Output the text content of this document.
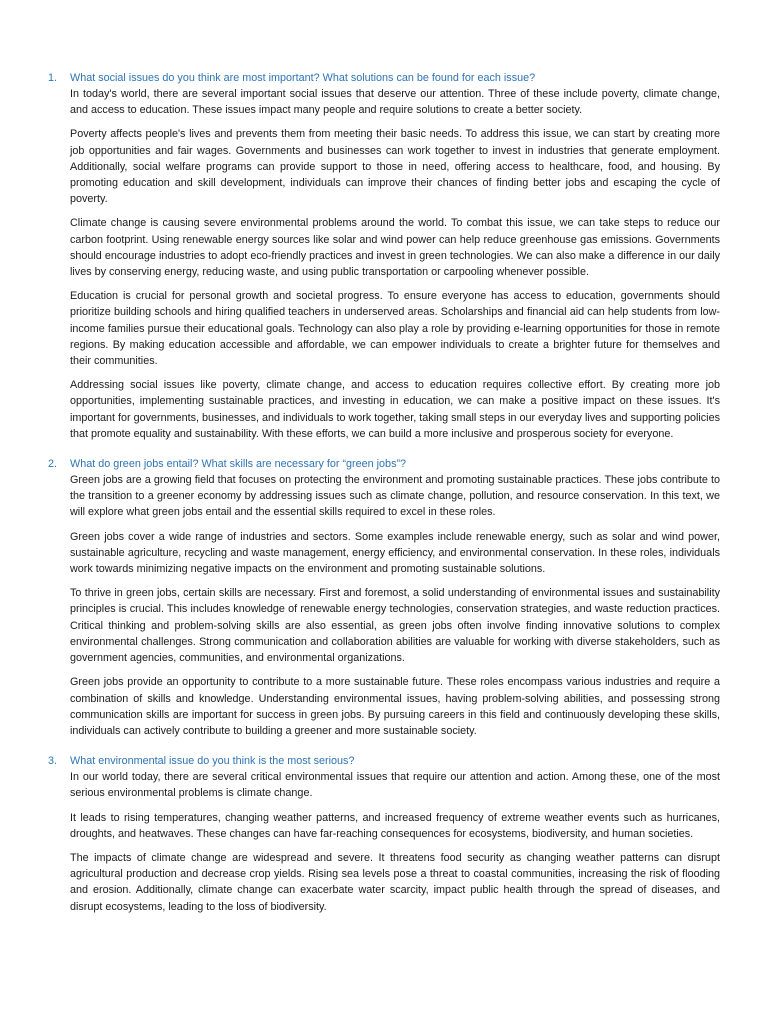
1.	What social issues do you think are most important? What solutions can be found for each issue?

In today's world, there are several important social issues that deserve our attention. Three of these include poverty, climate change, and access to education. These issues impact many people and require solutions to create a better society.

Poverty affects people's lives and prevents them from meeting their basic needs. To address this issue, we can start by creating more job opportunities and fair wages. Governments and businesses can work together to invest in industries that generate employment. Additionally, social welfare programs can provide support to those in need, offering access to healthcare, food, and housing. By promoting education and skill development, individuals can improve their chances of finding better jobs and escaping the cycle of poverty.

Climate change is causing severe environmental problems around the world. To combat this issue, we can take steps to reduce our carbon footprint. Using renewable energy sources like solar and wind power can help reduce greenhouse gas emissions. Governments should encourage industries to adopt eco-friendly practices and invest in green technologies. We can also make a difference in our daily lives by conserving energy, reducing waste, and using public transportation or carpooling whenever possible.

Education is crucial for personal growth and societal progress. To ensure everyone has access to education, governments should prioritize building schools and hiring qualified teachers in underserved areas. Scholarships and financial aid can help students from low-income families pursue their educational goals. Technology can also play a role by providing e-learning opportunities for those in remote regions. By making education accessible and affordable, we can empower individuals to create a brighter future for themselves and their communities.

Addressing social issues like poverty, climate change, and access to education requires collective effort. By creating more job opportunities, implementing sustainable practices, and investing in education, we can make a positive impact on these issues. It's important for governments, businesses, and individuals to work together, taking small steps in our everyday lives and supporting policies that promote equality and sustainability. With these efforts, we can build a more inclusive and prosperous society for everyone.

2.	What do green jobs entail? What skills are necessary for “green jobs”?

Green jobs are a growing field that focuses on protecting the environment and promoting sustainable practices. These jobs contribute to the transition to a greener economy by addressing issues such as climate change, pollution, and resource conservation. In this text, we will explore what green jobs entail and the essential skills required to excel in these roles.

Green jobs cover a wide range of industries and sectors. Some examples include renewable energy, such as solar and wind power, sustainable agriculture, recycling and waste management, energy efficiency, and environmental conservation. In these roles, individuals work towards minimizing negative impacts on the environment and promoting sustainable solutions.

To thrive in green jobs, certain skills are necessary. First and foremost, a solid understanding of environmental issues and sustainability principles is crucial. This includes knowledge of renewable energy technologies, conservation strategies, and waste reduction practices. Critical thinking and problem-solving skills are also essential, as green jobs often involve finding innovative solutions to complex environmental challenges. Strong communication and collaboration abilities are valuable for working with diverse stakeholders, such as government agencies, communities, and environmental organizations.

Green jobs provide an opportunity to contribute to a more sustainable future. These roles encompass various industries and require a combination of skills and knowledge. Understanding environmental issues, having problem-solving abilities, and possessing strong communication skills are important for success in green jobs. By pursuing careers in this field and continuously developing these skills, individuals can actively contribute to building a greener and more sustainable society.

3.	What environmental issue do you think is the most serious?

In our world today, there are several critical environmental issues that require our attention and action. Among these, one of the most serious environmental problems is climate change.

It leads to rising temperatures, changing weather patterns, and increased frequency of extreme weather events such as hurricanes, droughts, and heatwaves. These changes can have far-reaching consequences for ecosystems, biodiversity, and human societies.

The impacts of climate change are widespread and severe. It threatens food security as changing weather patterns can disrupt agricultural production and decrease crop yields. Rising sea levels pose a threat to coastal communities, increasing the risk of flooding and erosion. Additionally, climate change can exacerbate water scarcity, impact public health through the spread of diseases, and disrupt ecosystems, leading to the loss of biodiversity.
